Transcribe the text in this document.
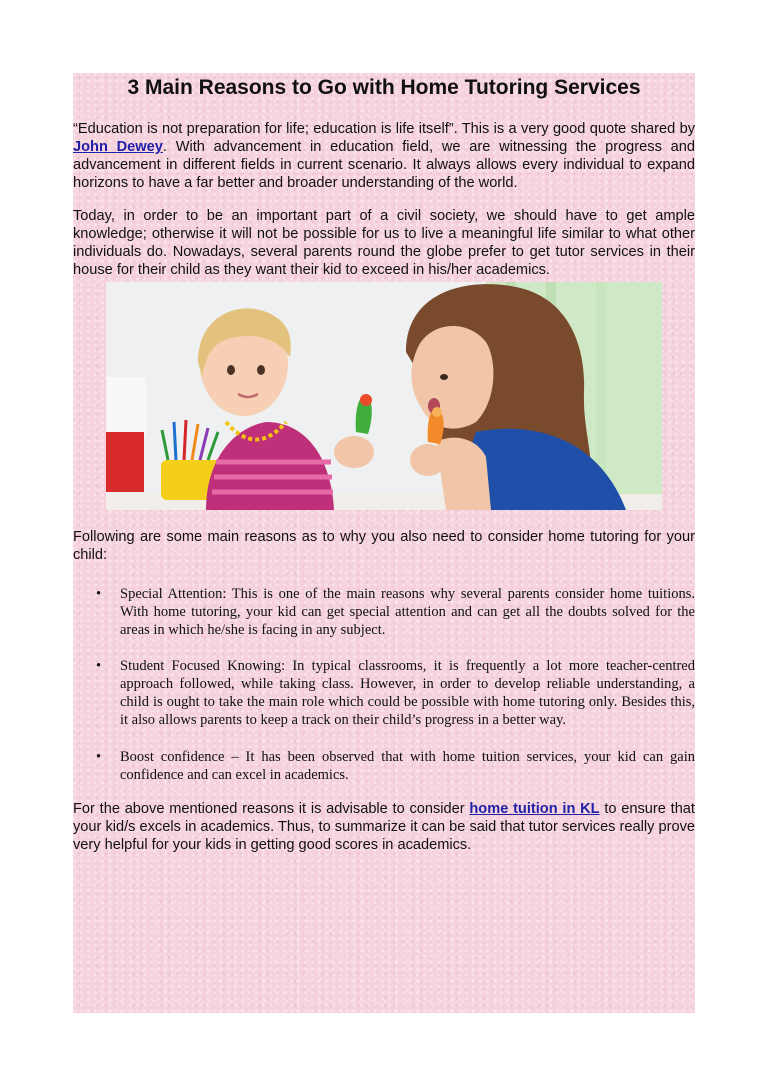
3 Main Reasons to Go with Home Tutoring Services

“Education is not preparation for life; education is life itself”. This is a very good quote shared by John Dewey. With advancement in education field, we are witnessing the progress and advancement in different fields in current scenario. It always allows every individual to expand horizons to have a far better and broader understanding of the world.

Today, in order to be an important part of a civil society, we should have to get ample knowledge; otherwise it will not be possible for us to live a meaningful life similar to what other individuals do. Nowadays, several parents round the globe prefer to get tutor services in their house for their child as they want their kid to exceed in his/her academics.

Following are some main reasons as to why you also need to consider home tutoring for your child:

• Special Attention: This is one of the main reasons why several parents consider home tuitions. With home tutoring, your kid can get special attention and can get all the doubts solved for the areas in which he/she is facing in any subject.
• Student Focused Knowing: In typical classrooms, it is frequently a lot more teacher-centred approach followed, while taking class. However, in order to develop reliable understanding, a child is ought to take the main role which could be possible with home tutoring only. Besides this, it also allows parents to keep a track on their child’s progress in a better way.
• Boost confidence – It has been observed that with home tuition services, your kid can gain confidence and can excel in academics.

For the above mentioned reasons it is advisable to consider home tuition in KL to ensure that your kid/s excels in academics. Thus, to summarize it can be said that tutor services really prove very helpful for your kids in getting good scores in academics.
